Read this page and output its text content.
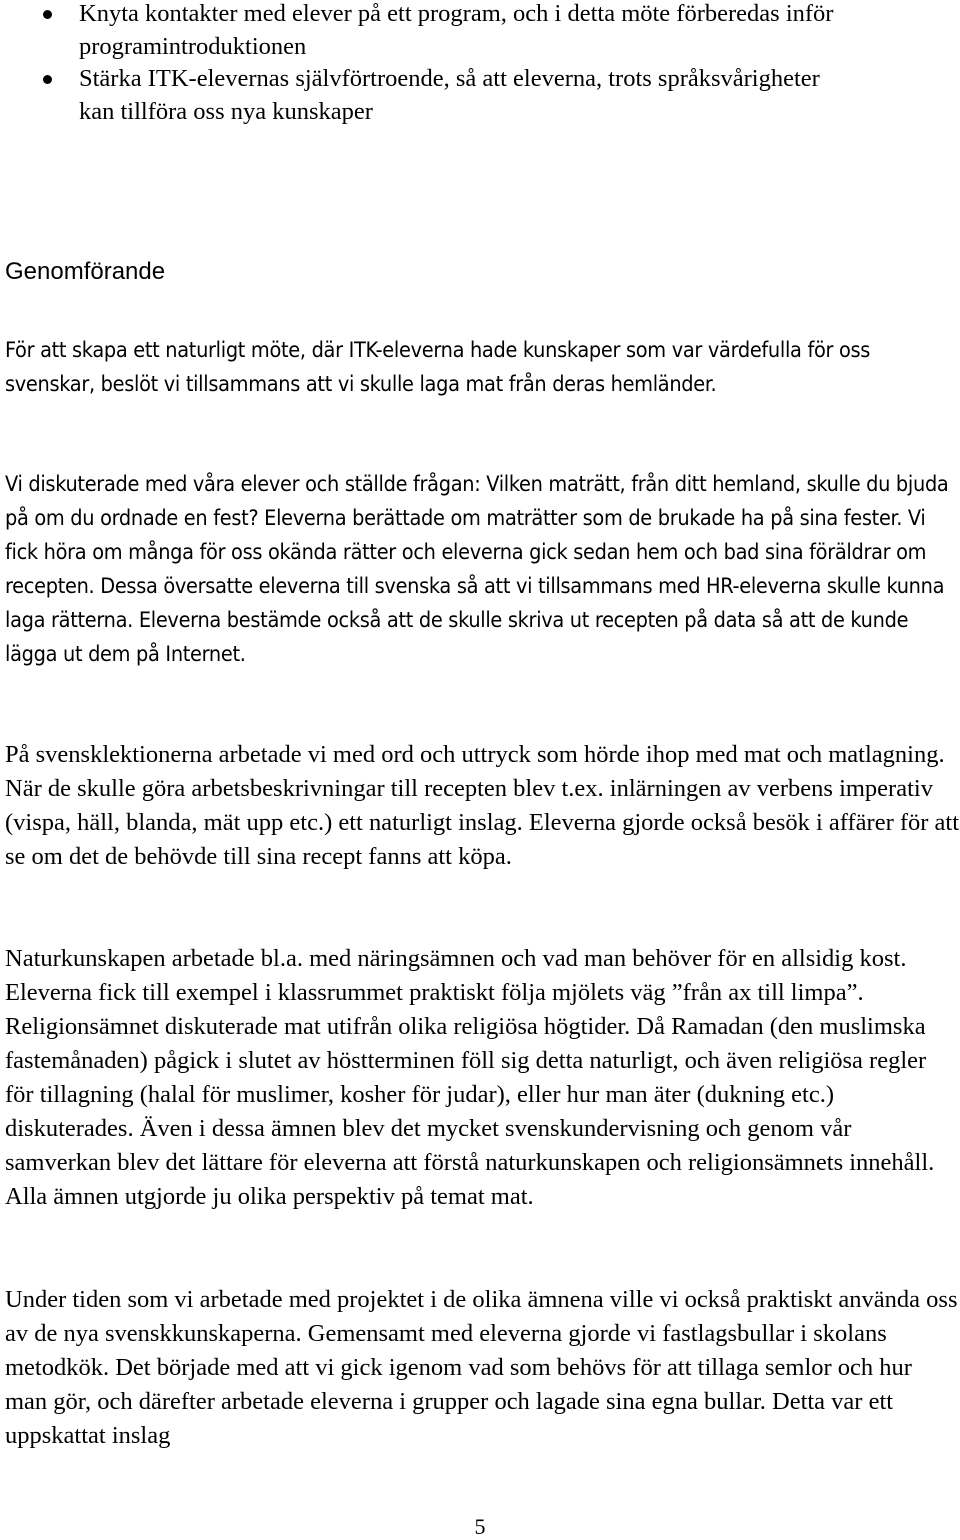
Knyta kontakter med elever på ett program, och i detta möte förberedas inför programintroduktionen
Stärka ITK-elevernas självförtroende, så att eleverna, trots språksvårigheter kan tillföra oss nya kunskaper
Genomförande

För att skapa ett naturligt möte, där ITK-eleverna hade kunskaper som var värdefulla för oss svenskar, beslöt vi tillsammans att vi skulle laga mat från deras hemländer.

Vi diskuterade med våra elever och ställde frågan: Vilken maträtt, från ditt hemland, skulle du bjuda på om du ordnade en fest? Eleverna berättade om maträtter som de brukade ha på sina fester. Vi fick höra om många för oss okända rätter och eleverna gick sedan hem och bad sina föräldrar om recepten. Dessa översatte eleverna till svenska så att vi tillsammans med HR-eleverna skulle kunna laga rätterna. Eleverna bestämde också att de skulle skriva ut recepten på data så att de kunde lägga ut dem på Internet.

På svensklektionerna arbetade vi med ord och uttryck som hörde ihop med mat och matlagning. När de skulle göra arbetsbeskrivningar till recepten blev t.ex. inlärningen av verbens imperativ (vispa, häll, blanda, mät upp etc.) ett naturligt inslag. Eleverna gjorde också besök i affärer för att se om det de behövde till sina recept fanns att köpa.

Naturkunskapen arbetade bl.a. med näringsämnen och vad man behöver för en allsidig kost. Eleverna fick till exempel i klassrummet praktiskt följa mjölets väg ”från ax till limpa”. Religionsämnet diskuterade mat utifrån olika religiösa högtider. Då Ramadan (den muslimska fastemånaden) pågick i slutet av höstterminen föll sig detta naturligt, och även religiösa regler för tillagning (halal för muslimer, kosher för judar), eller hur man äter (dukning etc.) diskuterades. Även i dessa ämnen blev det mycket svenskundervisning och genom vår samverkan blev det lättare för eleverna att förstå naturkunskapen och religionsämnets innehåll. Alla ämnen utgjorde ju olika perspektiv på temat mat.

Under tiden som vi arbetade med projektet i de olika ämnena ville vi också praktiskt använda oss av de nya svenskkunskaperna. Gemensamt med eleverna gjorde vi fastlagsbullar i skolans metodkök. Det började med att vi gick igenom vad som behövs för att tillaga semlor och hur man gör, och därefter arbetade eleverna i grupper och lagade sina egna bullar. Detta var ett uppskattat inslag

5
